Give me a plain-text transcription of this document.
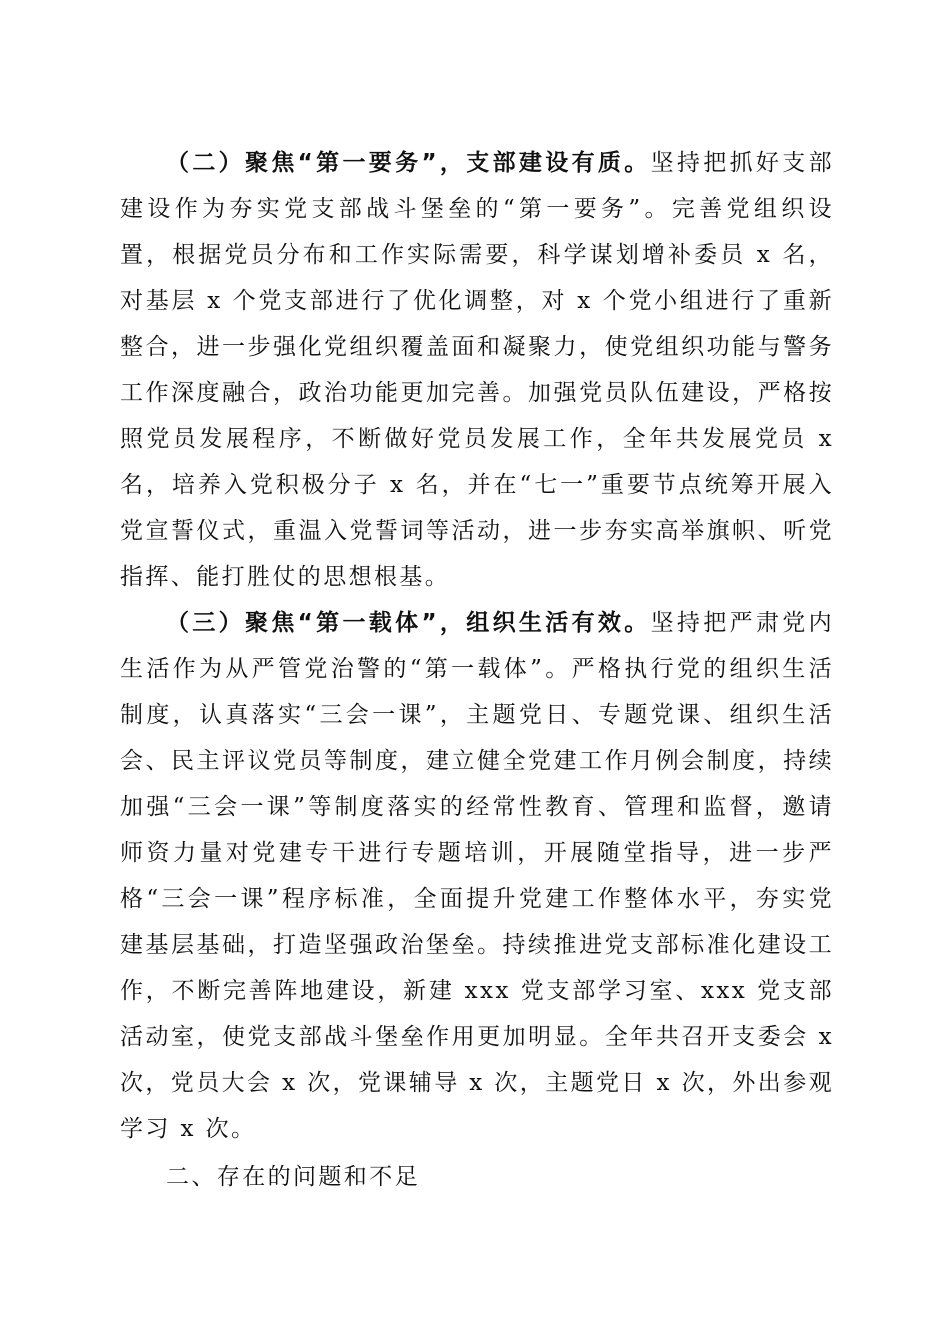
（二）聚焦“第一要务”，支部建设有质。坚持把抓好支部建设作为夯实党支部战斗堡垒的“第一要务”。完善党组织设置，根据党员分布和工作实际需要，科学谋划增补委员 x 名，对基层 x 个党支部进行了优化调整，对 x 个党小组进行了重新整合，进一步强化党组织覆盖面和凝聚力，使党组织功能与警务工作深度融合，政治功能更加完善。加强党员队伍建设，严格按照党员发展程序，不断做好党员发展工作，全年共发展党员 x 名，培养入党积极分子 x 名，并在“七一”重要节点统筹开展入党宣誓仪式，重温入党誓词等活动，进一步夯实高举旗帜、听党指挥、能打胜仗的思想根基。

（三）聚焦“第一载体”，组织生活有效。坚持把严肃党内生活作为从严管党治警的“第一载体”。严格执行党的组织生活制度，认真落实“三会一课”，主题党日、专题党课、组织生活会、民主评议党员等制度，建立健全党建工作月例会制度，持续加强“三会一课”等制度落实的经常性教育、管理和监督，邀请师资力量对党建专干进行专题培训，开展随堂指导，进一步严格“三会一课”程序标准，全面提升党建工作整体水平，夯实党建基层基础，打造坚强政治堡垒。持续推进党支部标准化建设工作，不断完善阵地建设，新建 xxx 党支部学习室、xxx 党支部活动室，使党支部战斗堡垒作用更加明显。全年共召开支委会 x 次，党员大会 x 次，党课辅导 x 次，主题党日 x 次，外出参观学习 x 次。

二、存在的问题和不足
